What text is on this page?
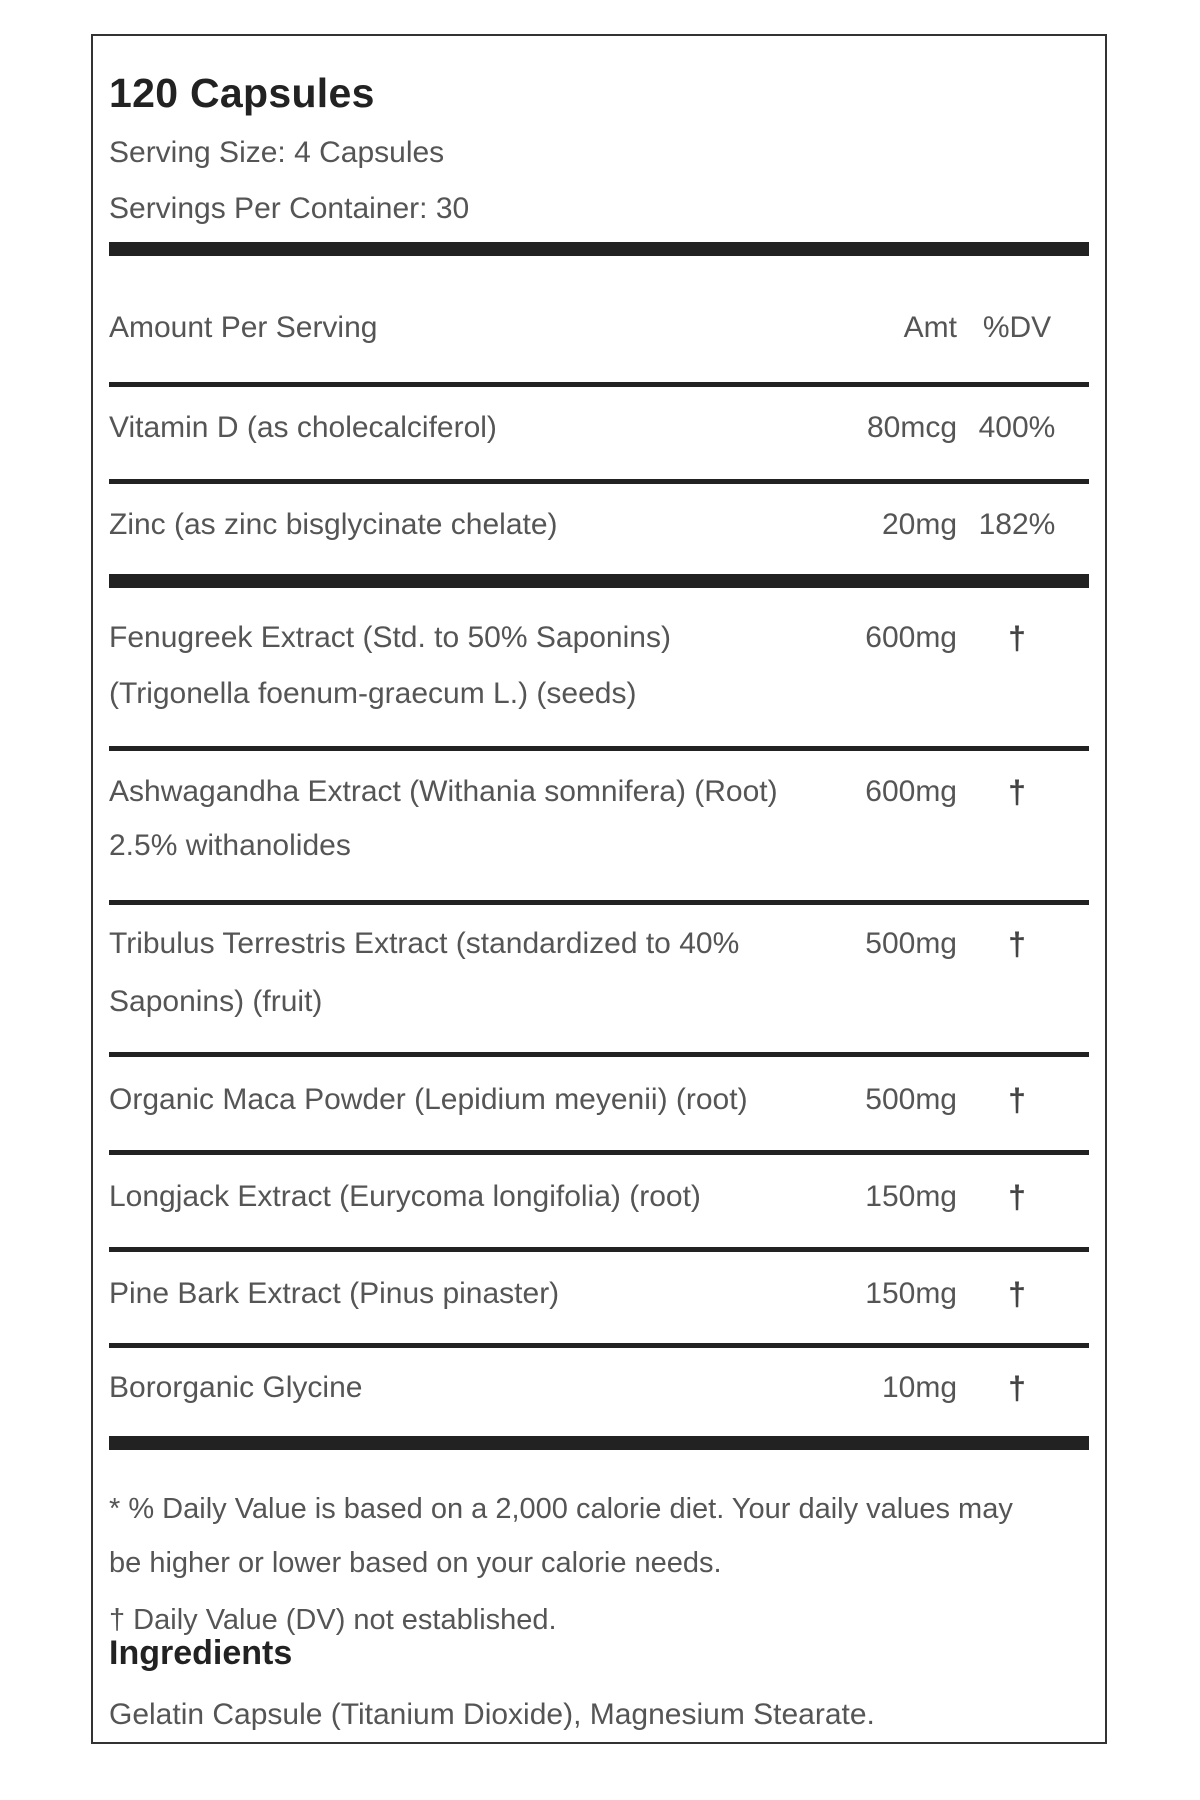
120 Capsules
Serving Size: 4 Capsules
Servings Per Container: 30
Amount Per Serving	Amt %DV
Vitamin D (as cholecalciferol)	80mcg 400%
Zinc (as zinc bisglycinate chelate)	20mg 182%
Fenugreek Extract (Std. to 50% Saponins)
(Trigonella foenum-graecum L.) (seeds)
600mg	†
Ashwagandha Extract (Withania somnifera) (Root)
2.5% withanolides
600mg	†
Tribulus Terrestris Extract (standardized to 40%
Saponins) (fruit)
500mg	†
Organic Maca Powder (Lepidium meyenii) (root)	500mg	†
Longjack Extract (Eurycoma longifolia) (root)	150mg	†
Pine Bark Extract (Pinus pinaster)	150mg	†
Bororganic Glycine	10mg	†
* % Daily Value is based on a 2,000 calorie diet. Your daily values may
be higher or lower based on your calorie needs.
† Daily Value (DV) not established.
Ingredients
Gelatin Capsule (Titanium Dioxide), Magnesium Stearate.
